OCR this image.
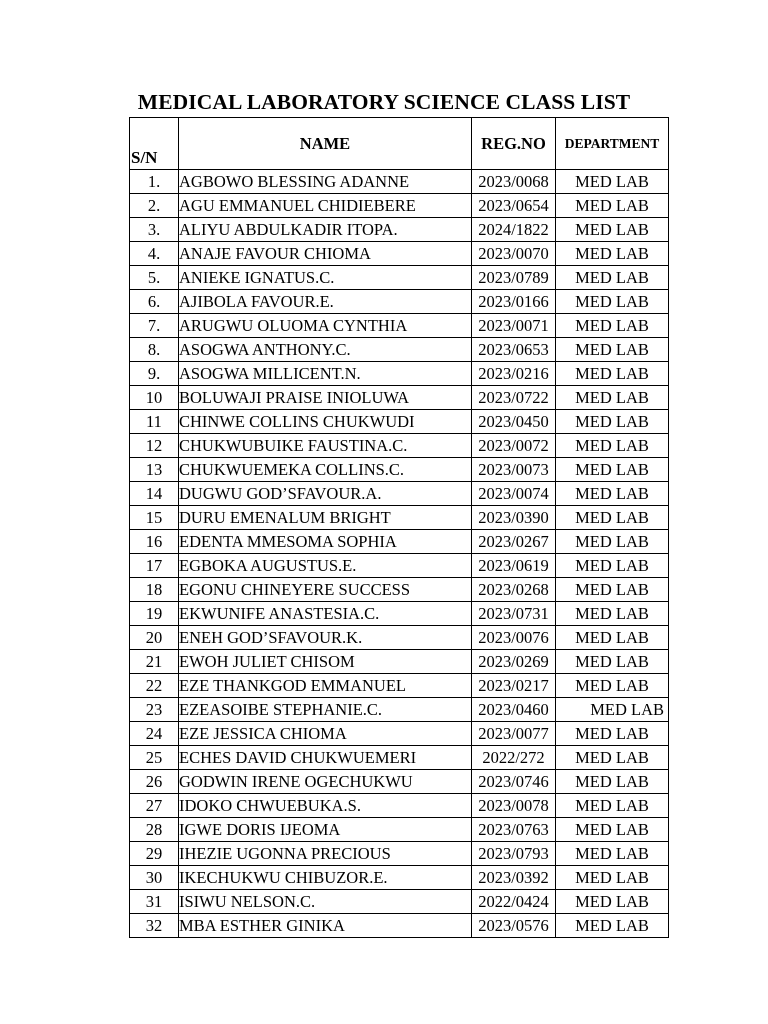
MEDICAL LABORATORY SCIENCE CLASS LIST
S/N	NAME	REG.NO	DEPARTMENT
1.	AGBOWO BLESSING ADANNE	2023/0068	MED LAB
2.	AGU EMMANUEL CHIDIEBERE	2023/0654	MED LAB
3.	ALIYU ABDULKADIR ITOPA.	2024/1822	MED LAB
4.	ANAJE FAVOUR CHIOMA	2023/0070	MED LAB
5.	ANIEKE IGNATUS.C.	2023/0789	MED LAB
6.	AJIBOLA FAVOUR.E.	2023/0166	MED LAB
7.	ARUGWU OLUOMA CYNTHIA	2023/0071	MED LAB
8.	ASOGWA ANTHONY.C.	2023/0653	MED LAB
9.	ASOGWA MILLICENT.N.	2023/0216	MED LAB
10	BOLUWAJI PRAISE INIOLUWA	2023/0722	MED LAB
11	CHINWE COLLINS CHUKWUDI	2023/0450	MED LAB
12	CHUKWUBUIKE FAUSTINA.C.	2023/0072	MED LAB
13	CHUKWUEMEKA COLLINS.C.	2023/0073	MED LAB
14	DUGWU GOD’SFAVOUR.A.	2023/0074	MED LAB
15	DURU EMENALUM BRIGHT	2023/0390	MED LAB
16	EDENTA MMESOMA SOPHIA	2023/0267	MED LAB
17	EGBOKA AUGUSTUS.E.	2023/0619	MED LAB
18	EGONU CHINEYERE SUCCESS	2023/0268	MED LAB
19	EKWUNIFE ANASTESIA.C.	2023/0731	MED LAB
20	ENEH GOD’SFAVOUR.K.	2023/0076	MED LAB
21	EWOH JULIET CHISOM	2023/0269	MED LAB
22	EZE THANKGOD EMMANUEL	2023/0217	MED LAB
23	EZEASOIBE STEPHANIE.C.	2023/0460	MED LAB
24	EZE JESSICA CHIOMA	2023/0077	MED LAB
25	ECHES DAVID CHUKWUEMERI	2022/272	MED LAB
26	GODWIN IRENE OGECHUKWU	2023/0746	MED LAB
27	IDOKO CHWUEBUKA.S.	2023/0078	MED LAB
28	IGWE DORIS IJEOMA	2023/0763	MED LAB
29	IHEZIE UGONNA PRECIOUS	2023/0793	MED LAB
30	IKECHUKWU CHIBUZOR.E.	2023/0392	MED LAB
31	ISIWU NELSON.C.	2022/0424	MED LAB
32	MBA ESTHER GINIKA	2023/0576	MED LAB
